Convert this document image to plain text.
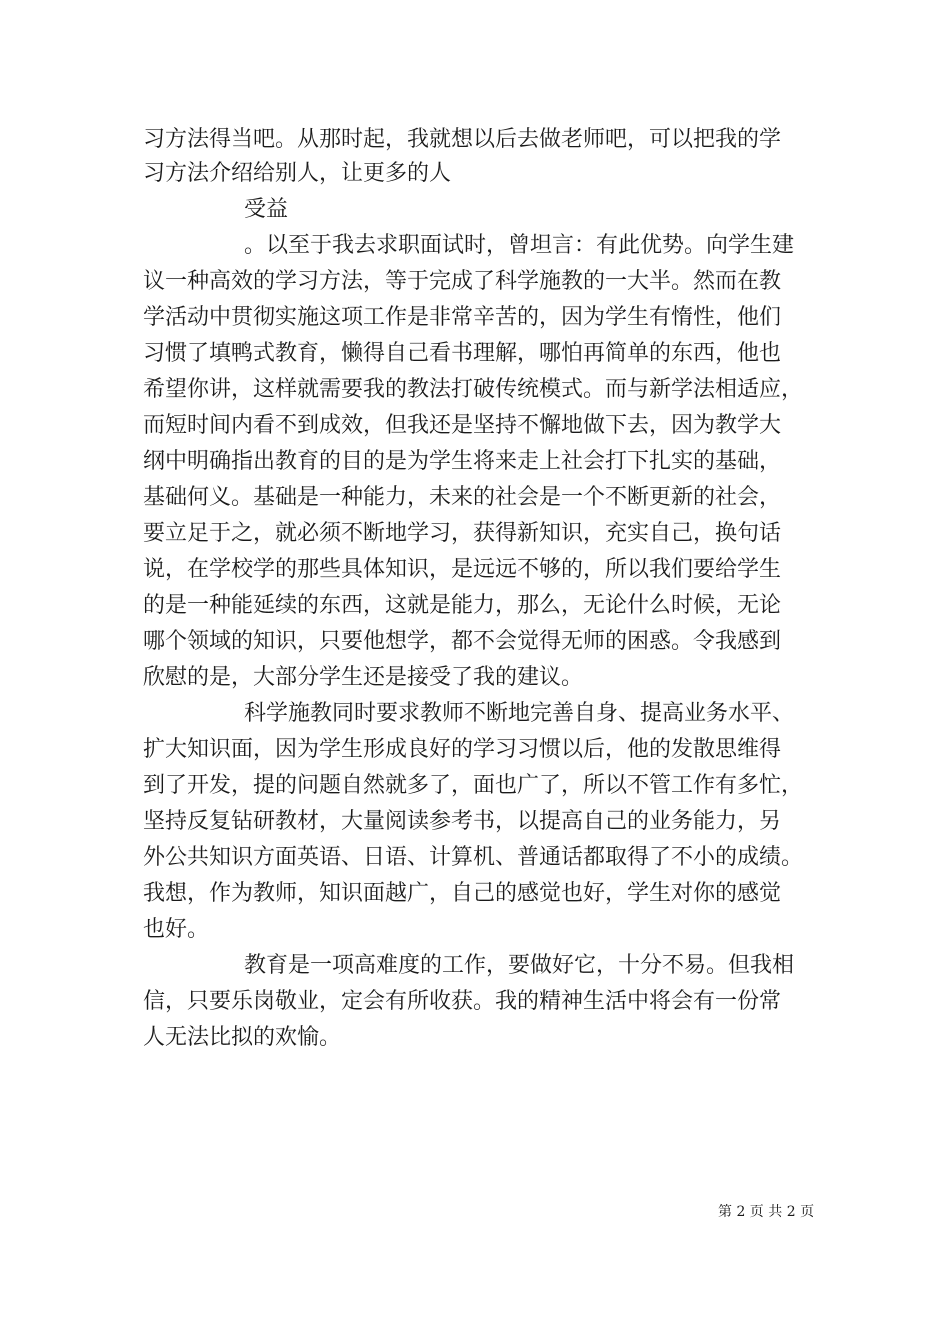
习方法得当吧。从那时起，我就想以后去做老师吧，可以把我的学
习方法介绍给别人，让更多的人
受益
。以至于我去求职面试时，曾坦言：有此优势。向学生建
议一种高效的学习方法，等于完成了科学施教的一大半。然而在教
学活动中贯彻实施这项工作是非常辛苦的，因为学生有惰性，他们
习惯了填鸭式教育，懒得自己看书理解，哪怕再简单的东西，他也
希望你讲，这样就需要我的教法打破传统模式。而与新学法相适应，
而短时间内看不到成效，但我还是坚持不懈地做下去，因为教学大
纲中明确指出教育的目的是为学生将来走上社会打下扎实的基础，
基础何义。基础是一种能力，未来的社会是一个不断更新的社会，
要立足于之，就必须不断地学习，获得新知识，充实自己，换句话
说，在学校学的那些具体知识，是远远不够的，所以我们要给学生
的是一种能延续的东西，这就是能力，那么，无论什么时候，无论
哪个领域的知识，只要他想学，都不会觉得无师的困惑。令我感到
欣慰的是，大部分学生还是接受了我的建议。
科学施教同时要求教师不断地完善自身、提高业务水平、
扩大知识面，因为学生形成良好的学习习惯以后，他的发散思维得
到了开发，提的问题自然就多了，面也广了，所以不管工作有多忙，
坚持反复钻研教材，大量阅读参考书，以提高自己的业务能力，另
外公共知识方面英语、日语、计算机、普通话都取得了不小的成绩。
我想，作为教师，知识面越广，自己的感觉也好，学生对你的感觉
也好。
教育是一项高难度的工作，要做好它，十分不易。但我相
信，只要乐岗敬业，定会有所收获。我的精神生活中将会有一份常
人无法比拟的欢愉。
第 2 页 共 2 页
